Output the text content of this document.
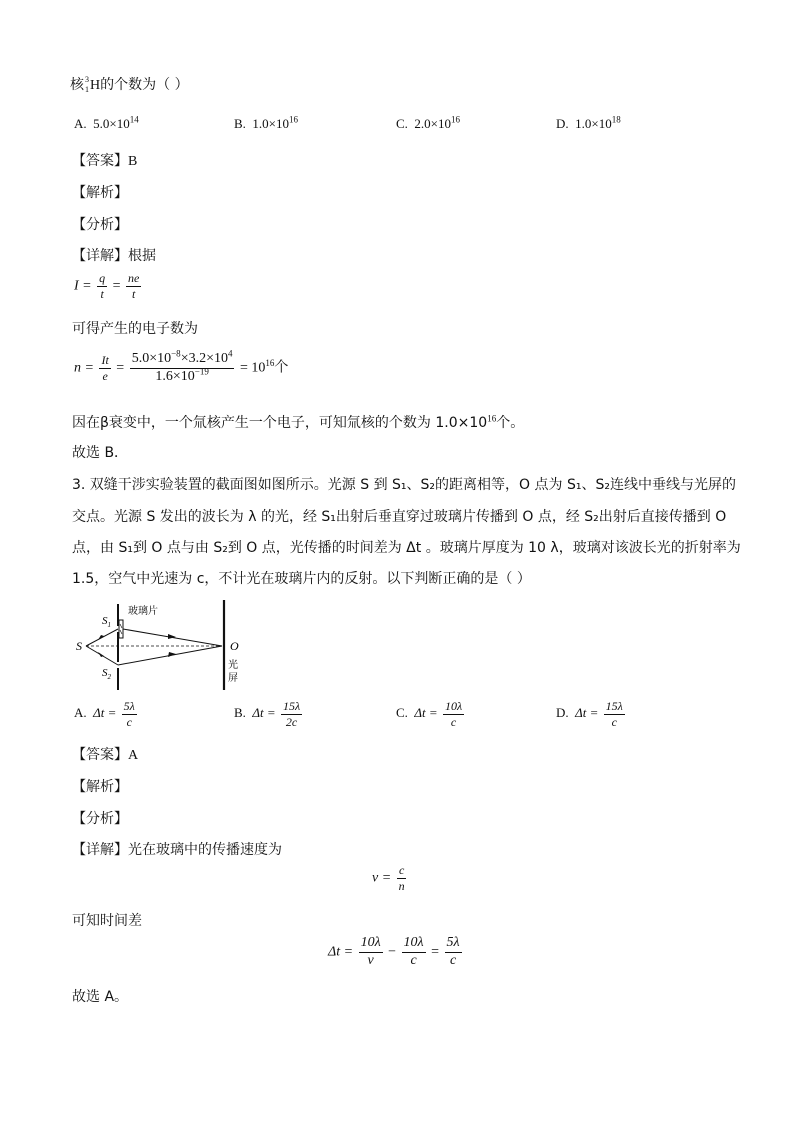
核 3
1 H的个数为（ ）
A. $5.0\times 10^{14}$	B. $1.0\times 10^{16}$	C. $2.0\times 10^{16}$	D. $1.0\times 10^{18}$
【答案】B
【解析】
【分析】
【详解】根据
$I = \frac{q}{t} = \frac{ne}{t}$
可得产生的电子数为
$n = \frac{It}{e} = \frac{5.0\times 10^{-8}\times 3.2\times 10^4}{1.6\times 10^{-19}} = 10^{16}$个
因在β衰变中，一个氚核产生一个电子，可知氚核的个数为 $1.0\times 10^{16}$个。
故选 B．
3. 双缝干涉实验装置的截面图如图所示。光源 S 到 S₁、S₂的距离相等，O 点为 S₁、S₂连线中垂线与光屏的
交点。光源 S 发出的波长为 λ 的光，经 S₁出射后垂直穿过玻璃片传播到 O 点，经 S₂出射后直接传播到 O
点，由 S₁到 O 点与由 S₂到 O 点，光传播的时间差为 Δt 。玻璃片厚度为 10 λ，玻璃对该波长光的折射率为
1.5，空气中光速为 c，不计光在玻璃片内的反射。以下判断正确的是（ ）
S
$S_1$
$S_2$
玻璃片
O
光
屏
A. $\Delta t = \frac{5\lambda}{c}$	B. $\Delta t = \frac{15\lambda}{2c}$	C. $\Delta t = \frac{10\lambda}{c}$	D. $\Delta t = \frac{15\lambda}{c}$
【答案】A
【解析】
【分析】
【详解】光在玻璃中的传播速度为
$v = \frac{c}{n}$
可知时间差
$\Delta t = \frac{10\lambda}{v} - \frac{10\lambda}{c} = \frac{5\lambda}{c}$
故选 A。
